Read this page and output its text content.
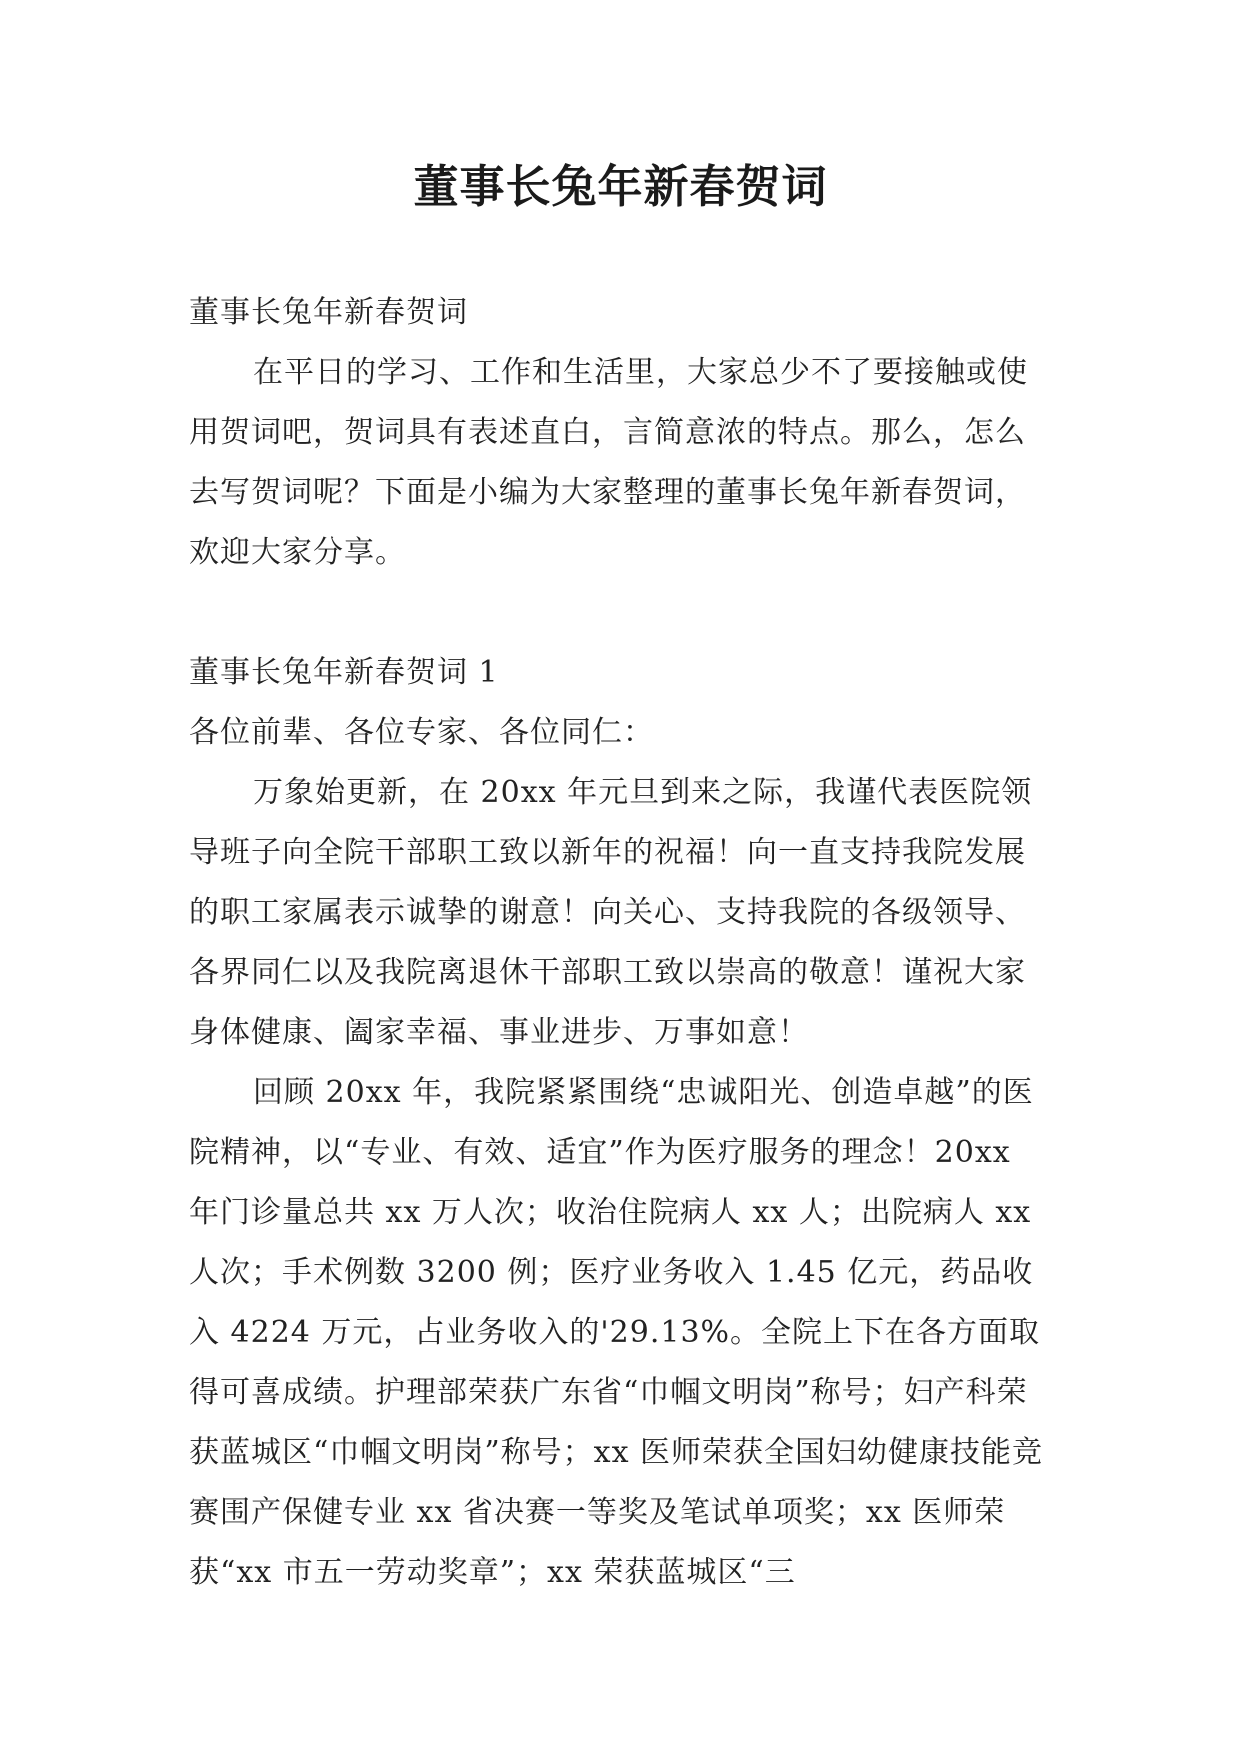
董事长兔年新春贺词

董事长兔年新春贺词

在平日的学习、工作和生活里，大家总少不了要接触或使用贺词吧，贺词具有表述直白，言简意浓的特点。那么，怎么去写贺词呢？下面是小编为大家整理的董事长兔年新春贺词，欢迎大家分享。

董事长兔年新春贺词 1

各位前辈、各位专家、各位同仁：

万象始更新，在 20xx 年元旦到来之际，我谨代表医院领导班子向全院干部职工致以新年的祝福！向一直支持我院发展的职工家属表示诚挚的谢意！向关心、支持我院的各级领导、各界同仁以及我院离退休干部职工致以崇高的敬意！谨祝大家身体健康、阖家幸福、事业进步、万事如意！

回顾 20xx 年，我院紧紧围绕“忠诚阳光、创造卓越”的医院精神，以“专业、有效、适宜”作为医疗服务的理念！20xx 年门诊量总共 xx 万人次；收治住院病人 xx 人；出院病人 xx 人次；手术例数 3200 例；医疗业务收入 1.45 亿元，药品收入 4224 万元，占业务收入的'29.13%。全院上下在各方面取得可喜成绩。护理部荣获广东省“巾帼文明岗”称号；妇产科荣获蓝城区“巾帼文明岗”称号；xx 医师荣获全国妇幼健康技能竞赛围产保健专业 xx 省决赛一等奖及笔试单项奖；xx 医师荣获“xx 市五一劳动奖章”；xx 荣获蓝城区“三
